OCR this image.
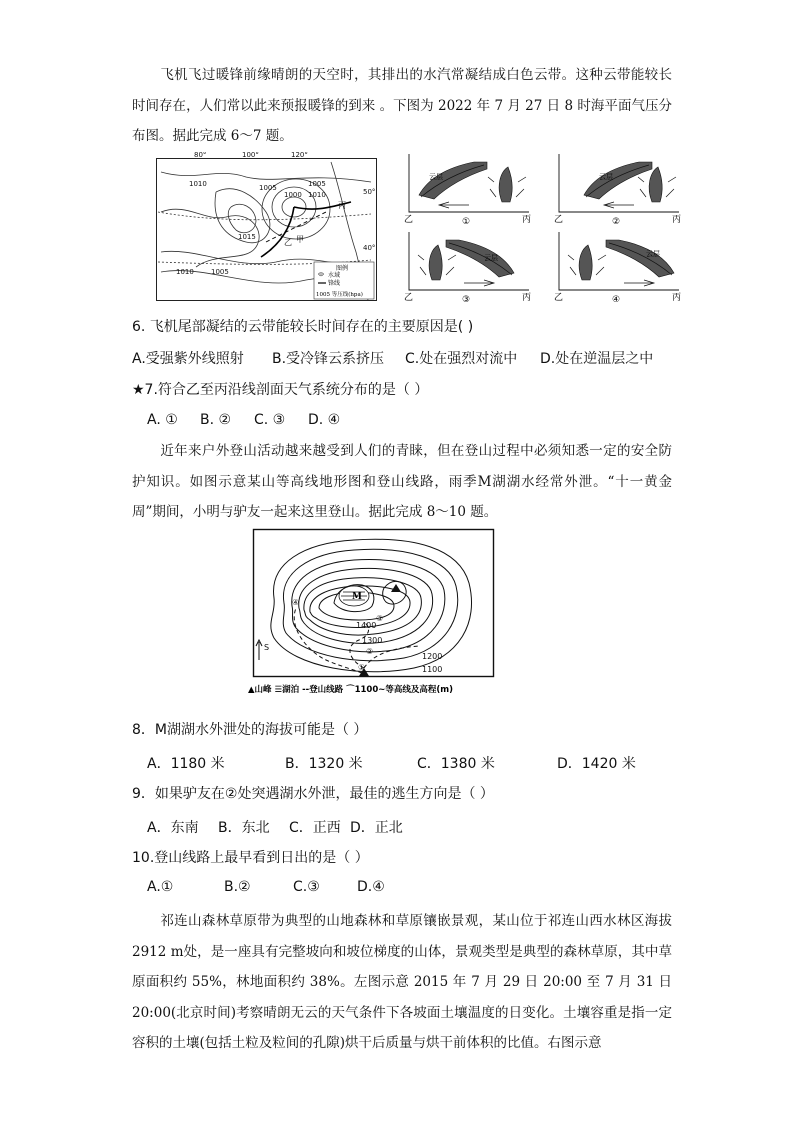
飞机飞过暖锋前缘晴朗的天空时，其排出的水汽常凝结成白色云带。这种云带能较长时间存在，人们常以此来预报暖锋的到来 。下图为 2022 年 7 月 27 日 8 时海平面气压分布图。据此完成 6～7 题。
80°	100°	120°
50°
40°
1010	1005
1000
1005
1015
1010 1005
1010
丙
乙 甲
图例
水域
锋线
1005 等压线(hpa)
云层
乙	丙
①
云层
乙	丙
②
云层
乙	丙
③
云层
乙	丙
④
6. 飞机尾部凝结的云带能较长时间存在的主要原因是( )
A.受强紫外线照射 B.受冷锋云系挤压 C.处在强烈对流中 D.处在逆温层之中
★7.符合乙至丙沿线剖面天气系统分布的是（ ）
A. ① B. ② C. ③ D. ④
近年来户外登山活动越来越受到人们的青睐，但在登山过程中必须知悉一定的安全防护知识。如图示意某山等高线地形图和登山线路，雨季M湖湖水经常外泄。“十一黄金周”期间，小明与驴友一起来这里登山。据此完成 8～10 题。
M
1400
1300
1200
1100
①
②
③
④
S
▲山峰 ☰湖泊 --登山线路 ⌒1100~等高线及高程(m)
8．M湖湖水外泄处的海拔可能是（ ）
A．1180 米	B．1320 米	C．1380 米	D．1420 米
9．如果驴友在②处突遇湖水外泄，最佳的逃生方向是（ ）
A．东南 B．东北 C．正西 D．正北
10.登山线路上最早看到日出的是（ ）
A.①	B.②	C.③	D.④
祁连山森林草原带为典型的山地森林和草原镶嵌景观，某山位于祁连山西水林区海拔 2912 m处，是一座具有完整坡向和坡位梯度的山体，景观类型是典型的森林草原，其中草原面积约 55%，林地面积约 38%。左图示意 2015 年 7 月 29 日 20:00 至 7 月 31 日 20:00(北京时间)考察晴朗无云的天气条件下各坡面土壤温度的日变化。土壤容重是指一定容积的土壤(包括土粒及粒间的孔隙)烘干后质量与烘干前体积的比值。右图示意
